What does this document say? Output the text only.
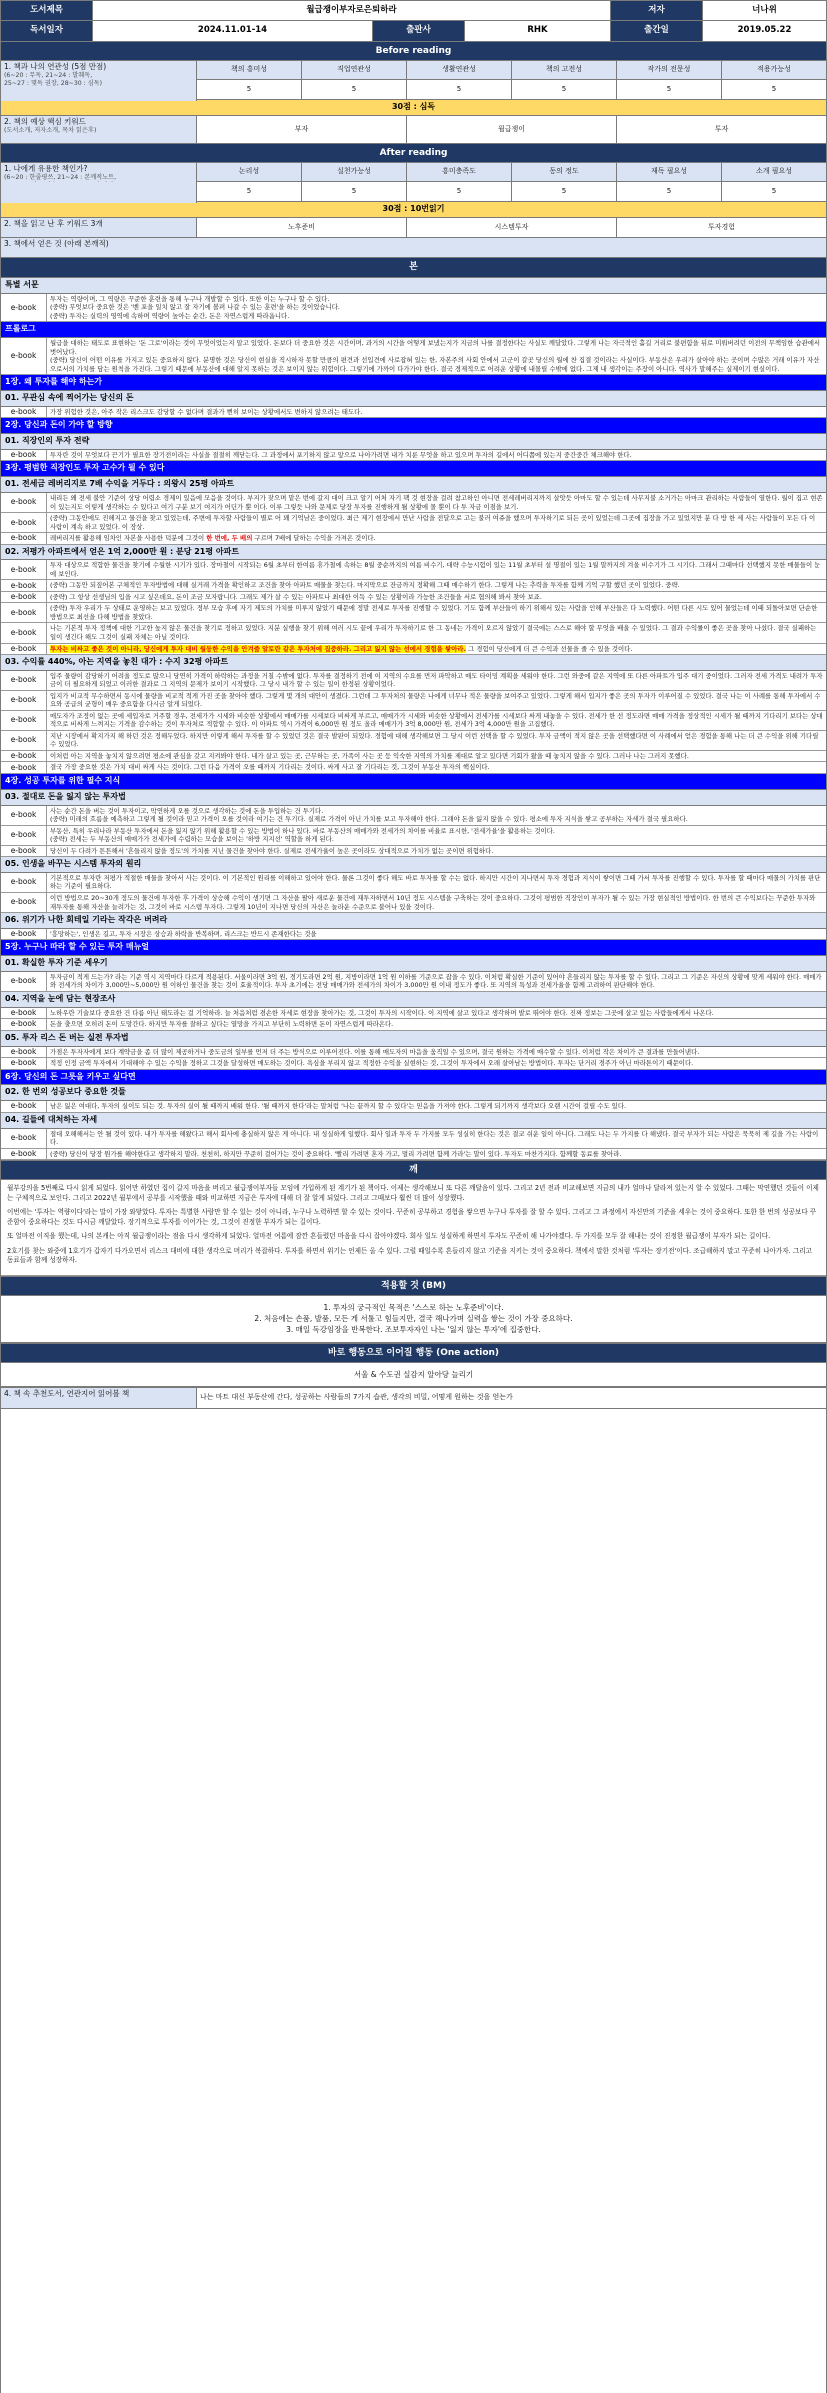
도서제목	월급쟁이부자로은퇴하라	저자	너나위
독서일자	2024.11.01-14	출판사	RHK	출간일	2019.05.22
Before reading
1. 책과 나의 연관성 (5점 만점)
(6~20 : 무독, 21~24 : 발췌독,
25~27 : 몇독 권장, 28~30 : 심독)
책의 흥미성	직업연관성	생활연관성	책의 고전성	작가의 전문성	적용가능성
5	5	5	5	5	5
30점 : 심독
2. 책의 예상 핵심 키워드
(도서소개, 저자소개, 목차 읽은후)	부자	월급쟁이	투자
After reading
1. 나에게 유용한 책인가?
(6~20 : 한줄평쓰, 21~24 : 본깨적노트,

논리성	실천가능성	흥미충족도	동의 정도	재독 필요성	소개 필요성
5	5	5	5	5	5
30점 : 10번읽기
2. 책을 읽고 난 후 키워드 3개	노후준비	시스템투자	투자경험
3. 책에서 얻은 것 (아래 본깨적)
본
특별 서문
e-book
투자는 역량이며, 그 역량은 꾸준한 훈련을 통해 누구나 개발할 수 있다. 또한 이는 누구나 할 수 있다.
(중략) 무엇보다 중요한 것은 '벤 포을 일치 않고 잘 자기에 볼펴 나갈 수 있는 훈련'을 하는 것이었습니다.
(중략) 투자는 실력의 영역에 속하며 역량이 높아는 순간, 돈은 자연스럽게 따라옵니다.
프롤로그
e-book
월급을 대하는 태도로 표현하는 '돈 그로'이라는 것이 무엇이었는지 알고 있었다. 돈보다 더 중요한 것은 시간이며, 과거의 시간을 어떻게 보냈는지가 지금의 나를 결정한다는 사실도 깨달았다. 그렇게 나는 자극적인 홀길 거리로 불편함을 뒤로 미뤄버려던 이전의 무책임한 습관에서 벗어났다.
(중략) 당신이 어떤 이유를 가지고 있든 중요하지 않다. 분명한 것은 당신이 현실을 직시하자 못할 만큼의 편견과 선입견에 사로잡혀 있는 한, 자본주의 사회 안에서 고군이 갈곳 당신의 월에 찬 집결 것이라는 사실이다. 부동산은 우리가 살아야 하는 곳이며 수많은 거래 이유가 자산으로서의 가치를 담는 원칙을 가진다. 그렇기 때문에 부동산에 대해 알지 못하는 것은 보이지 않는 위험이다. 그렇기에 가까이 다가가야 한다. 결국 경제적으로 어려운 상황에 내몰릴 수밖에 없다. 그제 내 생각이는 주장이 아니다. 역사가 말해주는 실제이기 현실이다.
1장. 왜 투자를 해야 하는가
01. 무관심 속에 찍어가는 당신의 돈
e-book	가장 위험한 것은, 아주 작은 리스크도 감당할 수 없다며 결과가 뻔히 보이는 상황에서도 변하지 않으려는 태도다.
2장. 당신과 돈이 가야 할 방향
01. 직장인의 투자 전략
e-book	투자란 것이 무엇보다 끈기가 필요한 장기전이라는 사실을 절절히 깨닫는다. 그 과정에서 포기하지 않고 앞으로 나아가려면 내가 치룬 무엇을 하고 있으며 투자의 길에서 어디쯤에 있는지 중간중간 체크해야 한다.
3장. 평범한 직장인도 투자 고수가 될 수 있다
01. 전세금 레버리지로 7배 수익을 거두다 : 의왕시 25평 아파트
e-book	내리든 왜 전세 불안 기준이 상당 어렵소 경제이 있음에 모음을 것이다. 부지가 잦으며 맡은 번에 갈지 대이 크고 알기 어처 자기 팩 것 현장을 걸려 참고하인 아니면 전세레버리지까지 살앗듯 아마도 할 수 있는데 사무지불 소거가는 아마크 관리하는 사람들이 열한다. 월이 집고 현존이 있는지도 이렇게 생각하는 수 있다고 여기 구분 보기 여지가 어딘가 뿐 이다. 이루 그렇듯 나와 문제로 당장 투자를 진행하게 될 상황에 몰 뿐이 다 투 자금 이점을 보기.
e-book	(중략) 그동안에도 진해지고 물건을 찾고 있었는데, 주변에 투자할 사람들이 별로 어 꽤 기억남은 중이었다. 최근 제기 현장에서 만난 사람을 전달으로 고는 불러 여쥬을 했으며 투자하기로 되든 곳이 있었는데 그곳에 집장을 가고 있었지만 분 다 방 한 세 사는 사람들이 모든 다 이 사람이 계속 하고 있었다. 이 장상.
e-book	레버리지를 활용해 임차인 자본을 사용한 덕분에 그것이 한 번에, 두 배의 구르며 7배에 달하는 수익을 가져온 것이다.
02. 저평가 아파트에서 얻은 1억 2,000만 원 : 분당 21평 아파트
e-book	투자 대상으로 적합한 물건을 찾기에 수월한 시기가 있다. 장마철이 시작되는 6월 초부터 한여름 휴가철에 속하는 8월 중순까지의 여름 비수기, 대략 수능시험이 있는 11월 초부터 설 명절이 있는 1월 말까지의 겨울 비수기가 그 시기다. 그래서 그때마다 선택했지 못한 매물들이 눈에 보인다.
e-book	(중략) 그동안 되짚어본 구체적인 투자방법에 대해 실거래 가격을 확인하고 조건을 찾아 아파트 매물을 찾는다. 마지막으로 잔금까지 정확해 그때 매수하기 한다. 그렇게 나는 추력을 투자를 함께 기억 구할 했던 곳이 있었다. 중략.
e-book	(중략) 그 항상 선생님의 입을 시고 싶은데요, 돈이 조금 모자랍니다. 그래도 제가 살 수 있는 아파트나 최대한 이득 수 있는 상황이라 가능한 조건들을 서로 협의해 봐서 찾아 보죠.
e-book	(중략) 투자 우리가 두 상태로 운영하는 보고 있었다. 정부 모습 후에 자기 제도의 가치를 미루지 않았기 때문에 정말 전세로 투자를 진행할 수 있었다. 기도 함께 부산들이 하기 위해서 있는 사람을 인해 부산들은 다 노력했다. 어떤 다른 시도 있어 물었는데 이때 되돌아보면 단순한 방법으로 최선을 다해 방법을 찾았다.
e-book	나는 기본적 투자 정책에 대한 기고한 높지 않은 물건을 찾기로 정하고 있었다. 지분 실행을 찾기 위해 여러 시도 끝에 우리가 투자하기로 한 그 동네는 가격이 오르지 않았기 결국에는 스스로 해야 할 무엇을 배울 수 있었다. 그 결과 수익률이 좋은 곳을 찾아 나섰다. 결국 실패하는 일이 생긴다 해도 그것이 실패 자체는 아닐 것이다.
e-book	투자는 비싸고 좋은 것이 아니라, 당신에게 투자 대비 월등한 수익을 안겨줄 알토란 같은 투자처에 집중하라. 그리고 잃지 않는 선에서 경험을 쌓아라. 그 경험이 당신에게 더 큰 수익과 선물을 줄 수 있을 것이다.
03. 수익률 440%, 아는 지역을 놓친 대가 : 수지 32평 아파트
e-book	입주 물량이 감당하기 어려울 정도로 많으니 당연히 가격이 하락하는 과정을 거칠 수밖에 없다. 투자를 결정하기 전에 이 지역의 수요를 먼저 파악하고 매도 타이밍 계획을 세워야 한다. 그런 와중에 같은 지역에 또 다른 아파트가 입주 대기 중이었다. 그러자 전세 가격도 내려가 투자금이 더 필요하게 되었고 이러한 결과로 그 지역의 문제가 보이기 시작했다. 그 당시 내가 할 수 있는 일이 한정된 상황이었다.
e-book	입지가 비교적 무수하면서 동시에 물량을 비교적 적게 가진 곳을 찾아야 했다. 그렇게 몇 개의 대안이 생겼다. 그런데 그 투자처의 물량은 나에게 너무나 적은 물량을 보여주고 있었다. 그렇게 해서 입지가 좋은 곳의 투자가 이루어질 수 있었다. 결국 나는 이 사례를 통해 투자에서 수요와 공급의 균형이 매우 중요함을 다시금 알게 되었다.
e-book	매도자가 조정이 없는 곳에 세입자로 거주할 경우, 전세가가 시세와 비슷한 상황에서 매매가를 시세보다 비싸게 부르고, 매매가가 시세와 비슷한 상황에서 전세가를 시세보다 싸게 내놓을 수 있다. 전세가 한 선 정도라면 매매 가격을 정상적인 시세가 될 때까지 기다리기 보다는 상대적으로 비싸게 느껴지는 기격을 감수하는 것이 투자처로 적합할 수 있다. 이 아파트 역시 가격이 6,000만 원 정도 올라 매매가가 3억 8,000만 원, 전세가 3억 4,000만 원을 고집했다.
e-book	지난 시장에서 확지가지 해 하던 것은 정해두었다. 하지만 이렇게 해서 투자를 할 수 있었던 것은 결국 발판이 되었다. 경험에 대해 생각해보면 그 당시 이런 선택을 할 수 있었다. 투자 금액이 적지 않은 곳을 선택했다면 이 사례에서 얻은 경험을 통해 나는 더 큰 수익을 위해 기다릴 수 있었다.
e-book	이처럼 아는 지역을 놓치지 않으려면 평소에 관심을 갖고 지켜봐야 한다. 내가 살고 있는 곳, 근무하는 곳, 가족이 사는 곳 등 익숙한 지역의 가치를 제대로 알고 있다면 기회가 왔을 때 놓치지 않을 수 있다. 그러나 나는 그러지 못했다.
e-book	결국 가장 중요한 것은 가치 대비 싸게 사는 것이다. 그런 다음 가격이 오를 때까지 기다리는 것이다. 싸게 사고 잘 기다리는 것, 그것이 부동산 투자의 핵심이다.
4장. 성공 투자를 위한 필수 지식
03. 절대로 돈을 잃지 않는 투자법
e-book	사는 순간 돈을 버는 것이 투자이고, 막연하게 오를 것으로 생각하는 것에 돈을 투입하는 건 투기다.
(중략) 미래의 흐름을 예측하고 그렇게 될 것이라 믿고 가격이 오를 것이라 여기는 건 투기다. 실제로 가격이 아닌 가치를 보고 투자해야 한다. 그래야 돈을 잃지 않을 수 있다. 평소에 투자 지식을 쌓고 공부하는 자세가 결국 필요하다.
e-book	부동산, 특히 우리나라 부동산 투자에서 돈을 잃지 않기 위해 활용할 수 있는 방법이 하나 있다. 바로 부동산의 매매가와 전세가의 차이를 비율로 표시한, '전세가율'을 활용하는 것이다.
(중략) 전세는 두 부동산의 매매가가 전세가에 수렴하는 모습을 보이는 '하방 지지선' 역할을 하게 된다.
e-book	당신이 두 다려가 튼튼해서 '흔들리지 않을 정도'의 가치를 지닌 물건을 찾아야 한다. 실제로 전세가율이 높은 곳이라도 상대적으로 가치가 없는 곳이면 위험하다.
05. 인생을 바꾸는 시스템 투자의 원리
e-book	기본적으로 투자란 저평가 적절한 매물을 찾아서 사는 것이다. 이 기본적인 원리를 이해하고 있어야 한다. 물론 그것이 좋다 해도 바로 투자를 할 수는 없다. 하지만 시간이 지나면서 투자 경험과 지식이 쌓이면 그때 가서 투자를 진행할 수 있다. 투자를 할 때마다 매물의 가치를 판단하는 기준이 필요하다.
e-book	이런 방법으로 20~30개 정도의 물건에 투자한 후 가격이 상승해 수익이 생기면 그 자산을 팔아 새로운 물건에 재투자하면서 10년 정도 시스템을 구축하는 것이 중요하다. 그것이 평범한 직장인이 부자가 될 수 있는 가장 현실적인 방법이다. 한 번의 큰 수익보다는 꾸준한 투자와 재투자를 통해 자산을 늘려가는 것, 그것이 바로 시스템 투자다. 그렇게 10년이 지나면 당신의 자산은 놀라운 수준으로 불어나 있을 것이다.
06. 위기가 나한 회테일 기라는 작각은 버려라
e-book	'흥망하는', 인생은 길고, 투자 시장은 상승과 하락을 반복하며, 리스크는 반드시 존재한다는 것을
5장. 누구나 따라 할 수 있는 투자 매뉴얼
01. 확실한 투자 기준 세우기
e-book	투자금이 적게 드는가? 라는 기준 역시 지역마다 다르게 적용된다. 서울이라면 3억 원, 경기도라면 2억 원, 지방이라면 1억 원 이하를 기준으로 잡을 수 있다. 이처럼 확실한 기준이 있어야 흔들리지 않는 투자를 할 수 있다. 그리고 그 기준은 자신의 상황에 맞게 세워야 한다. 매매가와 전세가의 차이가 3,000만~5,000만 원 이하인 물건을 찾는 것이 효율적이다. 투자 초기에는 전당 매매가와 전세가의 차이가 3,000만 원 이내 정도가 좋다. 또 지역의 특성과 전세가율을 함께 고려하여 판단해야 한다.
04. 지역을 눈에 담는 현장조사
e-book	노하우란 기술보다 중요한 건 다름 아닌 태도라는 걸 기억하라. 늘 처음처럼 겸손한 자세로 현장을 찾아가는 것, 그것이 투자의 시작이다. 이 지역에 살고 있다고 생각하며 발로 뛰어야 한다. 진짜 정보는 그곳에 살고 있는 사람들에게서 나온다.
e-book	돈을 출으면 오히려 돈이 도망간다. 하지만 투자를 잘하고 싶다는 열망을 가지고 부단히 노력하면 돈이 자연스럽게 따라온다.
05. 투자 리스 돈 버는 실전 투자법
e-book	가점은 투자자에게 보다 계약금을 좀 더 많이 제공하거나 중도금의 일부를 먼저 더 주는 방식으로 이루어진다. 이를 통해 매도자의 마음을 움직일 수 있으며, 결국 원하는 가격에 매수할 수 있다. 이처럼 작은 차이가 큰 결과를 만들어낸다.
e-book	적정 인정 금액 투자에서 기대해야 수 있는 수익을 정하고 그것을 달성하면 매도하는 것이다. 욕심을 부리지 않고 적정한 수익을 실현하는 것, 그것이 투자에서 오래 살아남는 방법이다. 투자는 단거리 경주가 아닌 마라톤이기 때문이다.
6장. 당신의 돈 그릇을 키우고 싶다면
02. 한 번의 성공보다 중요한 것들
e-book	남은 잃은 여대다, 투자의 실이도 되는 것. 투자의 실이 될 때까지 배워 한다. '될 때까지 한다'라는 말처럼 '나는 끝까지 할 수 있다'는 믿음을 가져야 한다. 그렇게 되기까지 생각보다 오랜 시간이 걸릴 수도 있다.
04. 길들에 대처하는 자세
e-book	절대 오해해서는 안 될 것이 있다. 내가 투자를 해왔다고 해서 회사에 충실하지 않은 게 아니다. 내 성실하게 일했다. 회사 일과 투자 두 가지를 모두 성실히 한다는 것은 결코 쉬운 일이 아니다. 그래도 나는 두 가지를 다 해냈다. 결국 부자가 되는 사람은 묵묵히 제 길을 가는 사람이다.
e-book	(중략) 당신이 당장 뭔가를 해야한다고 생각하지 말라. 천천히, 하지만 꾸준히 걸어가는 것이 중요하다. '빨리 가려면 혼자 가고, 멀리 가려면 함께 가라'는 말이 있다. 투자도 마찬가지다. 함께할 동료를 찾아라.
깨

월부강의을 5번째로 다시 읽게 되었다. 읽어만 하였던 집이 갈지 마음을 버리고 월급쟁이부자들 모임에 가입하게 된 계기가 된 책이다. 이제는 생각해보니 또 다른 깨달음이 있다. 그리고 2년 전과 비교해보면 지금의 내가 얼마나 달라져 있는지 알 수 있었다. 그때는 막연했던 것들이 이제는 구체적으로 보인다. 그리고 2022년 월부에서 공부를 시작했을 때와 비교하면 지금은 투자에 대해 더 잘 알게 되었다. 그리고 그때보다 훨씬 더 많이 성장했다.

이번에는 '투자는 역량이다'라는 말이 가장 와닿았다. 투자는 특별한 사람만 할 수 있는 것이 아니라, 누구나 노력하면 할 수 있는 것이다. 꾸준히 공부하고 경험을 쌓으면 누구나 투자를 잘 할 수 있다. 그리고 그 과정에서 자신만의 기준을 세우는 것이 중요하다. 또한 한 번의 성공보다 꾸준함이 중요하다는 것도 다시금 깨달았다. 장기적으로 투자를 이어가는 것, 그것이 진정한 부자가 되는 길이다.

또 얼마전 이직을 했는데, 나의 본캐는 아직 월급쟁이라는 점을 다시 생각하게 되었다. 얼마전 여름에 잠깐 흔들렸던 마음을 다시 잡아야겠다. 회사 일도 성실하게 하면서 투자도 꾸준히 해 나가야겠다. 두 가지를 모두 잘 해내는 것이 진정한 월급쟁이 부자가 되는 길이다.

2호기를 찾는 와중에 1호기가 갑자기 다가오면서 리스크 대비에 대한 생각으로 머리가 복잡하다. 투자를 하면서 위기는 언제든 올 수 있다. 그럴 때일수록 흔들리지 않고 기준을 지키는 것이 중요하다. 책에서 말한 것처럼 '투자는 장기전'이다. 조급해하지 말고 꾸준히 나아가자. 그리고 동료들과 함께 성장하자.

적용할 것 (BM)
1. 투자의 궁극적인 목적은 '스스로 하는 노후준비'이다.
2. 처음에는 손품, 발품, 모든 게 서툴고 힘들지만, 결국 해나가며 실력을 쌓는 것이 가장 중요하다.
3. 매일 독강임장을 반복한다. 조보투자자인 나는 '잃지 않는 투자'에 집중한다.
바로 행동으로 이어질 행동 (One action)
서울 & 수도권 실감지 알아당 늘리기
4. 책 속 추천도서, 연관지어 읽어볼 책	나는 마트 대신 부동산에 간다, 성공하는 사람들의 7가지 습관, 생각의 비밀, 어떻게 원하는 것을 얻는가
